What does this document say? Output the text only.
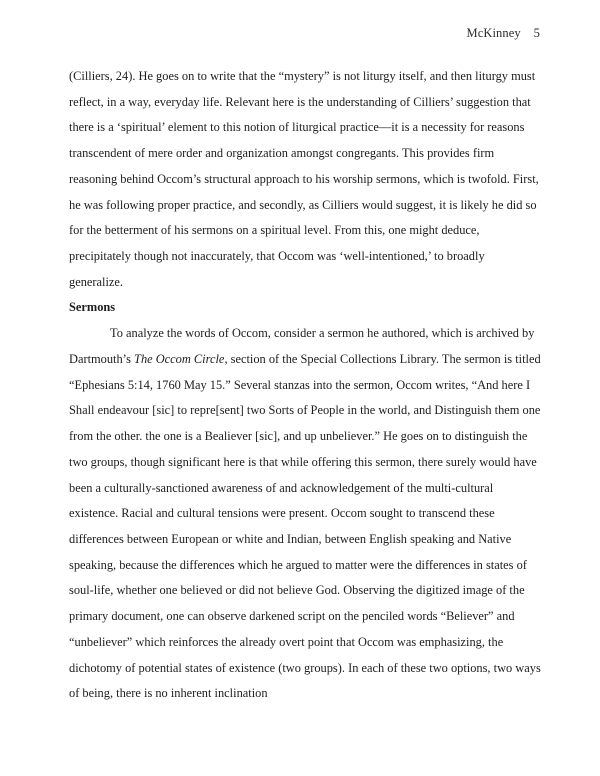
McKinney    5

(Cilliers, 24). He goes on to write that the “mystery” is not liturgy itself, and then liturgy must reflect, in a way, everyday life. Relevant here is the understanding of Cilliers’ suggestion that there is a ‘spiritual’ element to this notion of liturgical practice—it is a necessity for reasons transcendent of mere order and organization amongst congregants. This provides firm reasoning behind Occom’s structural approach to his worship sermons, which is twofold. First, he was following proper practice, and secondly, as Cilliers would suggest, it is likely he did so for the betterment of his sermons on a spiritual level. From this, one might deduce, precipitately though not inaccurately, that Occom was ‘well-intentioned,’ to broadly generalize.

Sermons

To analyze the words of Occom, consider a sermon he authored, which is archived by Dartmouth’s The Occom Circle, section of the Special Collections Library. The sermon is titled “Ephesians 5:14, 1760 May 15.” Several stanzas into the sermon, Occom writes, “And here I Shall endeavour [sic] to repre[sent] two Sorts of People in the world, and Distinguish them one from the other. the one is a Bealiever [sic], and up unbeliever.” He goes on to distinguish the two groups, though significant here is that while offering this sermon, there surely would have been a culturally-sanctioned awareness of and acknowledgement of the multi-cultural existence. Racial and cultural tensions were present. Occom sought to transcend these differences between European or white and Indian, between English speaking and Native speaking, because the differences which he argued to matter were the differences in states of soul-life, whether one believed or did not believe God. Observing the digitized image of the primary document, one can observe darkened script on the penciled words “Believer” and “unbeliever” which reinforces the already overt point that Occom was emphasizing, the dichotomy of potential states of existence (two groups). In each of these two options, two ways of being, there is no inherent inclination
